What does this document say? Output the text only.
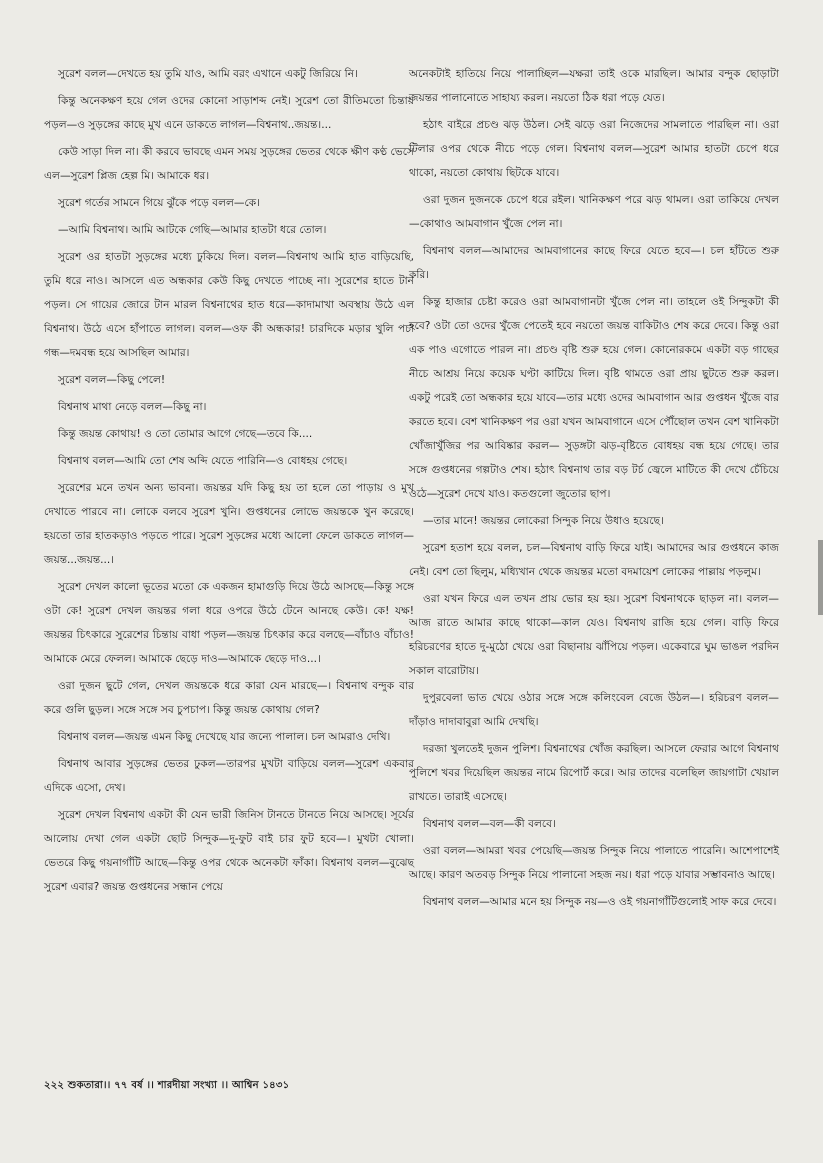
সুরেশ বলল—দেখতে হয় তুমি যাও, আমি বরং এখানে একটু জিরিয়ে নি।

কিন্তু অনেকক্ষণ হয়ে গেল ওদের কোনো সাড়াশব্দ নেই। সুরেশ তো রীতিমতো চিন্তায় পড়ল—ও সুড়ঙ্গের কাছে মুখ এনে ডাকতে লাগল—বিশ্বনাথ..জয়ন্ত।...

কেউ সাড়া দিল না। কী করবে ভাবছে এমন সময় সুড়ঙ্গের ভেতর থেকে ক্ষীণ কণ্ঠ ভেসে এল—সুরেশ প্লিজ হেল্প মি। আমাকে ধর।

সুরেশ গর্তের সামনে গিয়ে ঝুঁকে পড়ে বলল—কে।

—আমি বিশ্বনাথ। আমি আটকে গেছি—আমার হাতটা ধরে তোল।

সুরেশ ওর হাতটা সুড়ঙ্গের মধ্যে ঢুকিয়ে দিল। বলল—বিশ্বনাথ আমি হাত বাড়িয়েছি, তুমি ধরে নাও। আসলে এত অন্ধকার কেউ কিছু দেখতে পাচ্ছে না। সুরেশের হাতে টান পড়ল। সে গায়ের জোরে টান মারল বিশ্বনাথের হাত ধরে—কাদামাখা অবস্থায় উঠে এল বিশ্বনাথ। উঠে এসে হাঁপাতে লাগল। বলল—ওফ কী অন্ধকার! চারদিকে মড়ার খুলি পচা গন্ধ—দমবন্ধ হয়ে আসছিল আমার।

সুরেশ বলল—কিছু পেলে!

বিশ্বনাথ মাথা নেড়ে বলল—কিছু না।

কিন্তু জয়ন্ত কোথায়! ও তো তোমার আগে গেছে—তবে কি....

বিশ্বনাথ বলল—আমি তো শেষ অব্দি যেতে পারিনি—ও বোধহয় গেছে।

সুরেশের মনে তখন অন্য ভাবনা। জয়ন্তর যদি কিছু হয় তা হলে তো পাড়ায় ও মুখ দেখাতে পারবে না। লোকে বলবে সুরেশ খুনি। গুপ্তধনের লোভে জয়ন্তকে খুন করেছে। হয়তো তার হাতকড়াও পড়তে পারে। সুরেশ সুড়ঙ্গের মধ্যে আলো ফেলে ডাকতে লাগল—জয়ন্ত...জয়ন্ত...।

সুরেশ দেখল কালো ভূতের মতো কে একজন হামাগুড়ি দিয়ে উঠে আসছে—কিন্তু সঙ্গে ওটা কে! সুরেশ দেখল জয়ন্তর গলা ধরে ওপরে উঠে টেনে আনছে কেউ। কে! যক্ষ! জয়ন্তর চিৎকারে সুরেশের চিন্তায় বাধা পড়ল—জয়ন্ত চিৎকার করে বলছে—বাঁচাও বাঁচাও! আমাকে মেরে ফেলল। আমাকে ছেড়ে দাও—আমাকে ছেড়ে দাও...।

ওরা দুজন ছুটে গেল, দেখল জয়ন্তকে ধরে কারা যেন মারছে—। বিশ্বনাথ বন্দুক বার করে গুলি ছুড়ল। সঙ্গে সঙ্গে সব চুপচাপ। কিন্তু জয়ন্ত কোথায় গেল?

বিশ্বনাথ বলল—জয়ন্ত এমন কিছু দেখেছে যার জন্যে পালাল। চল আমরাও দেখি।

বিশ্বনাথ আবার সুড়ঙ্গের ভেতর ঢুকল—তারপর মুখটা বাড়িয়ে বলল—সুরেশ একবার এদিকে এসো, দেখ।

সুরেশ দেখল বিশ্বনাথ একটা কী যেন ভারী জিনিস টানতে টানতে নিয়ে আসছে। সূর্যের আলোয় দেখা গেল একটা ছোট সিন্দুক—দু-ফুট বাই চার ফুট হবে—। মুখটা খোলা। ভেতরে কিছু গয়নাগাঁটি আছে—কিন্তু ওপর থেকে অনেকটা ফাঁকা। বিশ্বনাথ বলল—বুঝেছ সুরেশ এবার? জয়ন্ত গুপ্তধনের সন্ধান পেয়ে

অনেকটাই হাতিয়ে নিয়ে পালাচ্ছিল—যক্ষরা তাই ওকে মারছিল। আমার বন্দুক ছোড়াটা জয়ন্তর পালানোতে সাহায্য করল। নয়তো ঠিক ধরা পড়ে যেত।

হঠাৎ বাইরে প্রচণ্ড ঝড় উঠল। সেই ঝড়ে ওরা নিজেদের সামলাতে পারছিল না। ওরা টিলার ওপর থেকে নীচে পড়ে গেল। বিশ্বনাথ বলল—সুরেশ আমার হাতটা চেপে ধরে থাকো, নয়তো কোথায় ছিটকে যাবে।

ওরা দুজন দুজনকে চেপে ধরে রইল। খানিকক্ষণ পরে ঝড় থামল। ওরা তাকিয়ে দেখল—কোথাও আমবাগান খুঁজে পেল না।

বিশ্বনাথ বলল—আমাদের আমবাগানের কাছে ফিরে যেতে হবে—। চল হাঁটতে শুরু করি।

কিন্তু হাজার চেষ্টা করেও ওরা আমবাগানটা খুঁজে পেল না। তাহলে ওই সিন্দুকটা কী হবে? ওটা তো ওদের খুঁজে পেতেই হবে নয়তো জয়ন্ত বাকিটাও শেষ করে দেবে। কিন্তু ওরা এক পাও এগোতে পারল না। প্রচণ্ড বৃষ্টি শুরু হয়ে গেল। কোনোরকমে একটা বড় গাছের নীচে আশ্রয় নিয়ে কয়েক ঘণ্টা কাটিয়ে দিল। বৃষ্টি থামতে ওরা প্রায় ছুটতে শুরু করল। একটু পরেই তো অন্ধকার হয়ে যাবে—তার মধ্যে ওদের আমবাগান আর গুপ্তধন খুঁজে বার করতে হবে। বেশ খানিকক্ষণ পর ওরা যখন আমবাগানে এসে পৌঁছোল তখন বেশ খানিকটা খোঁজাখুঁজির পর আবিষ্কার করল— সুড়ঙ্গটা ঝড়-বৃষ্টিতে বোধহয় বন্ধ হয়ে গেছে। তার সঙ্গে গুপ্তধনের গল্পটাও শেষ। হঠাৎ বিশ্বনাথ তার বড় টর্চ জ্বেলে মাটিতে কী দেখে চেঁচিয়ে ওঠে—সুরেশ দেখে যাও। কতগুলো জুতোর ছাপ।

—তার মানে! জয়ন্তর লোকেরা সিন্দুক নিয়ে উধাও হয়েছে।

সুরেশ হতাশ হয়ে বলল, চল—বিশ্বনাথ বাড়ি ফিরে যাই। আমাদের আর গুপ্তধনে কাজ নেই। বেশ তো ছিলুম, মধ্যিখান থেকে জয়ন্তর মতো বদমায়েশ লোকের পাল্লায় পড়লুম।

ওরা যখন ফিরে এল তখন প্রায় ভোর হয় হয়। সুরেশ বিশ্বনাথকে ছাড়ল না। বলল—আজ রাতে আমার কাছে থাকো—কাল যেও। বিশ্বনাথ রাজি হয়ে গেল। বাড়ি ফিরে হরিচরণের হাতে দু-মুঠো খেয়ে ওরা বিছানায় ঝাঁপিয়ে পড়ল। একেবারে ঘুম ভাঙল পরদিন সকাল বারোটায়।

দুপুরবেলা ভাত খেয়ে ওঠার সঙ্গে সঙ্গে কলিংবেল বেজে উঠল—। হরিচরণ বলল—দাঁড়াও দাদাবাবুরা আমি দেখছি।

দরজা খুলতেই দুজন পুলিশ। বিশ্বনাথের খোঁজ করছিল। আসলে ফেরার আগে বিশ্বনাথ পুলিশে খবর দিয়েছিল জয়ন্তর নামে রিপোর্ট করে। আর তাদের বলেছিল জায়গাটা খেয়াল রাখতে। তারাই এসেছে।

বিশ্বনাথ বলল—বল—কী বলবে।

ওরা বলল—আমরা খবর পেয়েছি—জয়ন্ত সিন্দুক নিয়ে পালাতে পারেনি। আশেপাশেই আছে। কারণ অতবড় সিন্দুক নিয়ে পালানো সহজ নয়। ধরা পড়ে যাবার সম্ভাবনাও আছে।

বিশ্বনাথ বলল—আমার মনে হয় সিন্দুক নয়—ও ওই গয়নাগাঁটিগুলোই সাফ করে দেবে।

২২২ শুকতারা।। ৭৭ বর্ষ ।। শারদীয়া সংখ্যা ।। আশ্বিন ১৪৩১
